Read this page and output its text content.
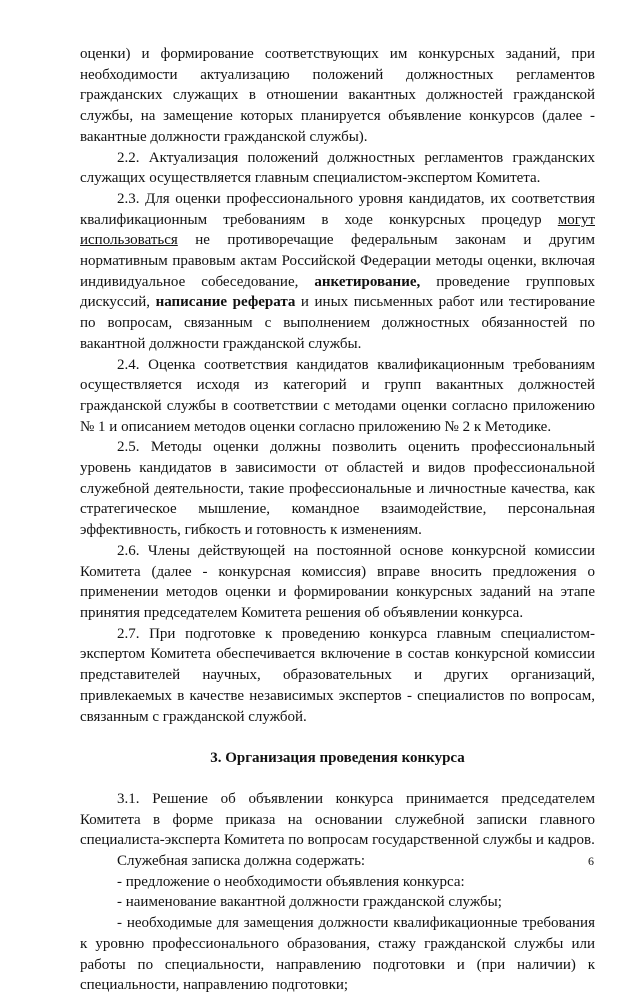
оценки) и формирование соответствующих им конкурсных заданий, при необходимости актуализацию положений должностных регламентов гражданских служащих в отношении вакантных должностей гражданской службы, на замещение которых планируется объявление конкурсов (далее - вакантные должности гражданской службы).

2.2. Актуализация положений должностных регламентов гражданских служащих осуществляется главным специалистом-экспертом Комитета.

2.3. Для оценки профессионального уровня кандидатов, их соответствия квалификационным требованиям в ходе конкурсных процедур могут использоваться не противоречащие федеральным законам и другим нормативным правовым актам Российской Федерации методы оценки, включая индивидуальное собеседование, анкетирование, проведение групповых дискуссий, написание реферата и иных письменных работ или тестирование по вопросам, связанным с выполнением должностных обязанностей по вакантной должности гражданской службы.

2.4. Оценка соответствия кандидатов квалификационным требованиям осуществляется исходя из категорий и групп вакантных должностей гражданской службы в соответствии с методами оценки согласно приложению № 1 и описанием методов оценки согласно приложению № 2 к Методике.

2.5. Методы оценки должны позволить оценить профессиональный уровень кандидатов в зависимости от областей и видов профессиональной служебной деятельности, такие профессиональные и личностные качества, как стратегическое мышление, командное взаимодействие, персональная эффективность, гибкость и готовность к изменениям.

2.6. Члены действующей на постоянной основе конкурсной комиссии Комитета (далее - конкурсная комиссия) вправе вносить предложения о применении методов оценки и формировании конкурсных заданий на этапе принятия председателем Комитета решения об объявлении конкурса.

2.7. При подготовке к проведению конкурса главным специалистом-экспертом Комитета обеспечивается включение в состав конкурсной комиссии представителей научных, образовательных и других организаций, привлекаемых в качестве независимых экспертов - специалистов по вопросам, связанным с гражданской службой.

3. Организация проведения конкурса

3.1. Решение об объявлении конкурса принимается председателем Комитета в форме приказа на основании служебной записки главного специалиста-эксперта Комитета по вопросам государственной службы и кадров.

Служебная записка должна содержать:

- предложение о необходимости объявления конкурса:

- наименование вакантной должности гражданской службы;

- необходимые для замещения должности квалификационные требования к уровню профессионального образования, стажу гражданской службы или работы по специальности, направлению подготовки и (при наличии) к специальности, направлению подготовки;

6
